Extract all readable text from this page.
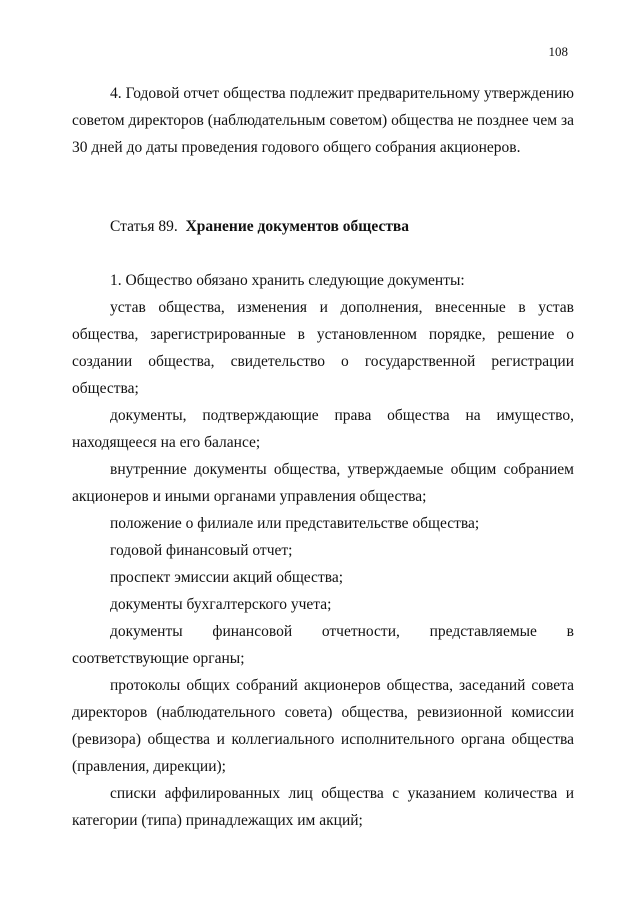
108

4. Годовой отчет общества подлежит предварительному утверждению советом директоров (наблюдательным советом) общества не позднее чем за 30 дней до даты проведения годового общего собрания акционеров.

Статья 89. Хранение документов общества

1. Общество обязано хранить следующие документы:

устав общества, изменения и дополнения, внесенные в устав общества, зарегистрированные в установленном порядке, решение о создании общества, свидетельство о государственной регистрации общества;
документы, подтверждающие права общества на имущество, находящееся на его балансе;
внутренние документы общества, утверждаемые общим собранием акционеров и иными органами управления общества;
положение о филиале или представительстве общества;
годовой финансовый отчет;
проспект эмиссии акций общества;
документы бухгалтерского учета;
документы финансовой отчетности, представляемые в соответствующие органы;
протоколы общих собраний акционеров общества, заседаний совета директоров (наблюдательного совета) общества, ревизионной комиссии (ревизора) общества и коллегиального исполнительного органа общества (правления, дирекции);
списки аффилированных лиц общества с указанием количества и категории (типа) принадлежащих им акций;
